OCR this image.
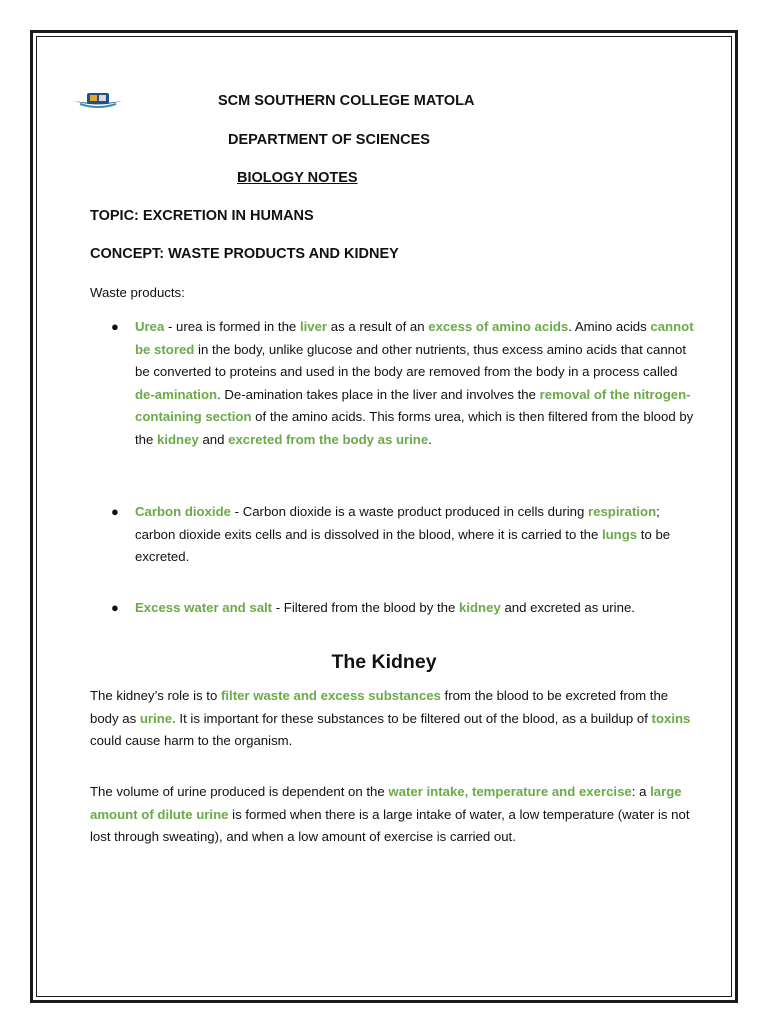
SCM SOUTHERN COLLEGE MATOLA
DEPARTMENT OF SCIENCES
BIOLOGY NOTES
TOPIC: EXCRETION IN HUMANS
CONCEPT: WASTE PRODUCTS AND KIDNEY
Waste products:
● Urea - urea is formed in the liver as a result of an excess of amino acids. Amino acids cannot be stored in the body, unlike glucose and other nutrients, thus excess amino acids that cannot be converted to proteins and used in the body are removed from the body in a process called de-amination. De-amination takes place in the liver and involves the removal of the nitrogen-containing section of the amino acids. This forms urea, which is then filtered from the blood by the kidney and excreted from the body as urine.
● Carbon dioxide - Carbon dioxide is a waste product produced in cells during respiration; carbon dioxide exits cells and is dissolved in the blood, where it is carried to the lungs to be excreted.
● Excess water and salt - Filtered from the blood by the kidney and excreted as urine.
The Kidney
The kidney’s role is to filter waste and excess substances from the blood to be excreted from the body as urine. It is important for these substances to be filtered out of the blood, as a buildup of toxins could cause harm to the organism.
The volume of urine produced is dependent on the water intake, temperature and exercise: a large amount of dilute urine is formed when there is a large intake of water, a low temperature (water is not lost through sweating), and when a low amount of exercise is carried out.
